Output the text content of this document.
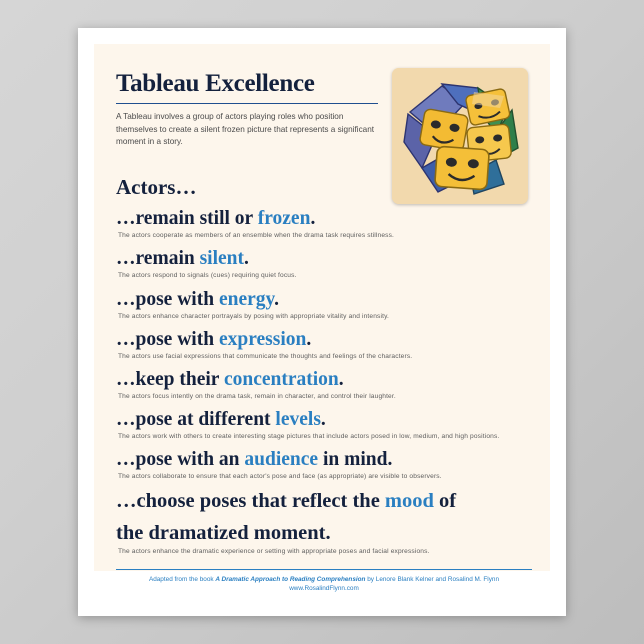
Tableau Excellence

A Tableau involves a group of actors playing roles who position themselves to create a silent frozen picture that represents a significant moment in a story.

Actors…
…remain still or frozen.
The actors cooperate as members of an ensemble when the drama task requires stillness.
…remain silent.
The actors respond to signals (cues) requiring quiet focus.
…pose with energy.
The actors enhance character portrayals by posing with appropriate vitality and intensity.
…pose with expression.
The actors use facial expressions that communicate the thoughts and feelings of the characters.
…keep their concentration.
The actors focus intently on the drama task, remain in character, and control their laughter.
…pose at different levels.
The actors work with others to create interesting stage pictures that include actors posed in low, medium, and high positions.
…pose with an audience in mind.
The actors collaborate to ensure that each actor's pose and face (as appropriate) are visible to observers.
…choose poses that reflect the mood of
the dramatized moment.
The actors enhance the dramatic experience or setting with appropriate poses and facial expressions.
Adapted from the book A Dramatic Approach to Reading Comprehension by Lenore Blank Kelner and Rosalind M. Flynn
www.RosalindFlynn.com
